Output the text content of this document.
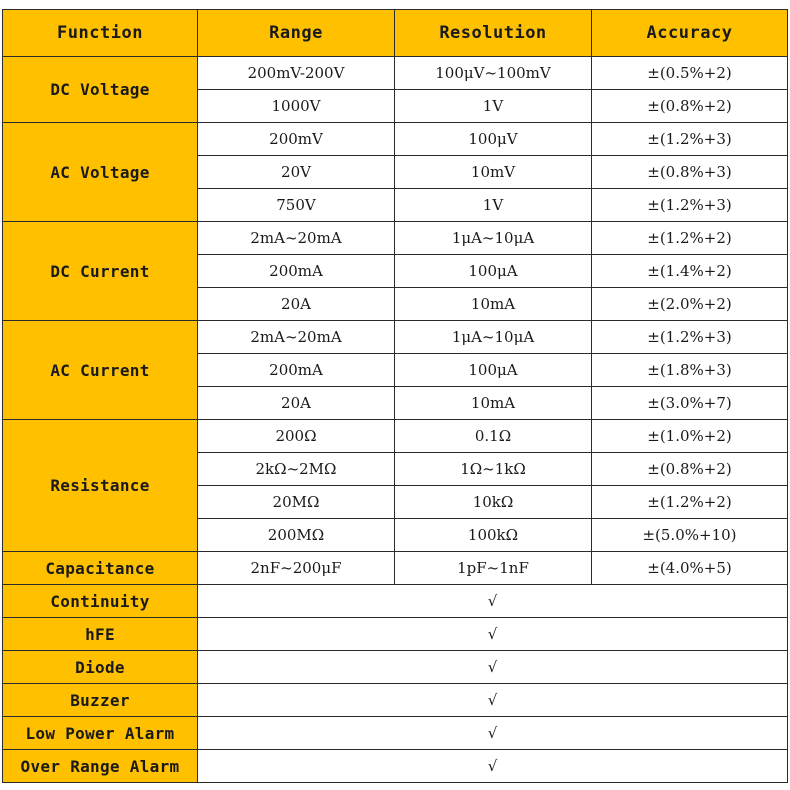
Function	Range	Resolution	Accuracy
DC Voltage	200mV-200V	100μV~100mV	±(0.5%+2)
	1000V	1V	±(0.8%+2)
AC Voltage	200mV	100μV	±(1.2%+3)
	20V	10mV	±(0.8%+3)
	750V	1V	±(1.2%+3)
DC Current	2mA~20mA	1μA~10μA	±(1.2%+2)
	200mA	100μA	±(1.4%+2)
	20A	10mA	±(2.0%+2)
AC Current	2mA~20mA	1μA~10μA	±(1.2%+3)
	200mA	100μA	±(1.8%+3)
	20A	10mA	±(3.0%+7)
Resistance	200Ω	0.1Ω	±(1.0%+2)
	2kΩ~2MΩ	1Ω~1kΩ	±(0.8%+2)
	20MΩ	10kΩ	±(1.2%+2)
	200MΩ	100kΩ	±(5.0%+10)
Capacitance	2nF~200μF	1pF~1nF	±(4.0%+5)
Continuity	√		
hFE	√		
Diode	√		
Buzzer	√		
Low Power Alarm	√		
Over Range Alarm	√		
